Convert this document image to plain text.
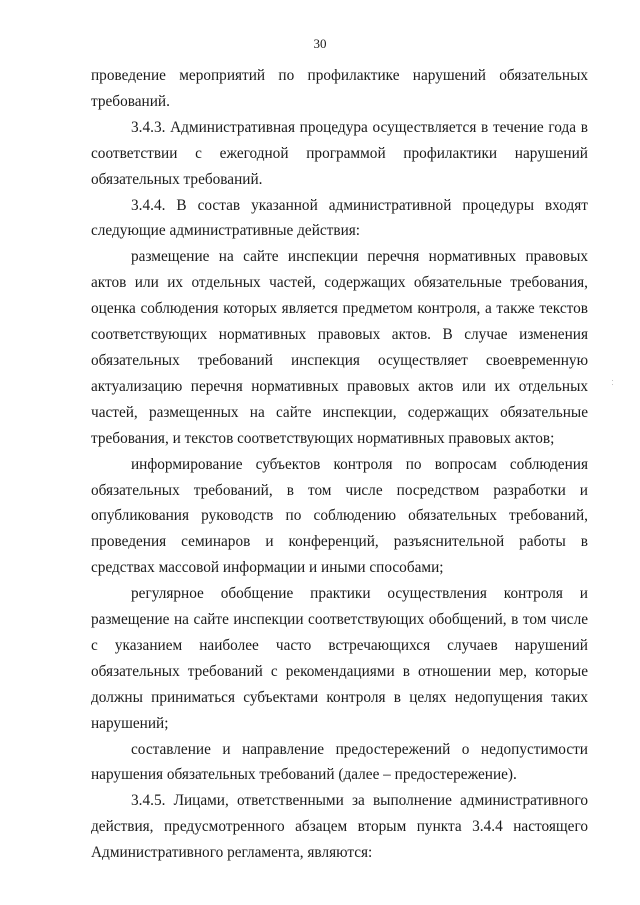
30

проведение мероприятий по профилактике нарушений обязательных требований.

3.4.3. Административная процедура осуществляется в течение года в соответствии с ежегодной программой профилактики нарушений обязательных требований.

3.4.4. В состав указанной административной процедуры входят следующие административные действия:

размещение на сайте инспекции перечня нормативных правовых актов или их отдельных частей, содержащих обязательные требования, оценка соблюдения которых является предметом контроля, а также текстов соответствующих нормативных правовых актов. В случае изменения обязательных требований инспекция осуществляет своевременную актуализацию перечня нормативных правовых актов или их отдельных частей, размещенных на сайте инспекции, содержащих обязательные требования, и текстов соответствующих нормативных правовых актов;

информирование субъектов контроля по вопросам соблюдения обязательных требований, в том числе посредством разработки и опубликования руководств по соблюдению обязательных требований, проведения семинаров и конференций, разъяснительной работы в средствах массовой информации и иными способами;

регулярное обобщение практики осуществления контроля и размещение на сайте инспекции соответствующих обобщений, в том числе с указанием наиболее часто встречающихся случаев нарушений обязательных требований с рекомендациями в отношении мер, которые должны приниматься субъектами контроля в целях недопущения таких нарушений;

составление и направление предостережений о недопустимости нарушения обязательных требований (далее – предостережение).

3.4.5. Лицами, ответственными за выполнение административного действия, предусмотренного абзацем вторым пункта 3.4.4 настоящего Административного регламента, являются:
